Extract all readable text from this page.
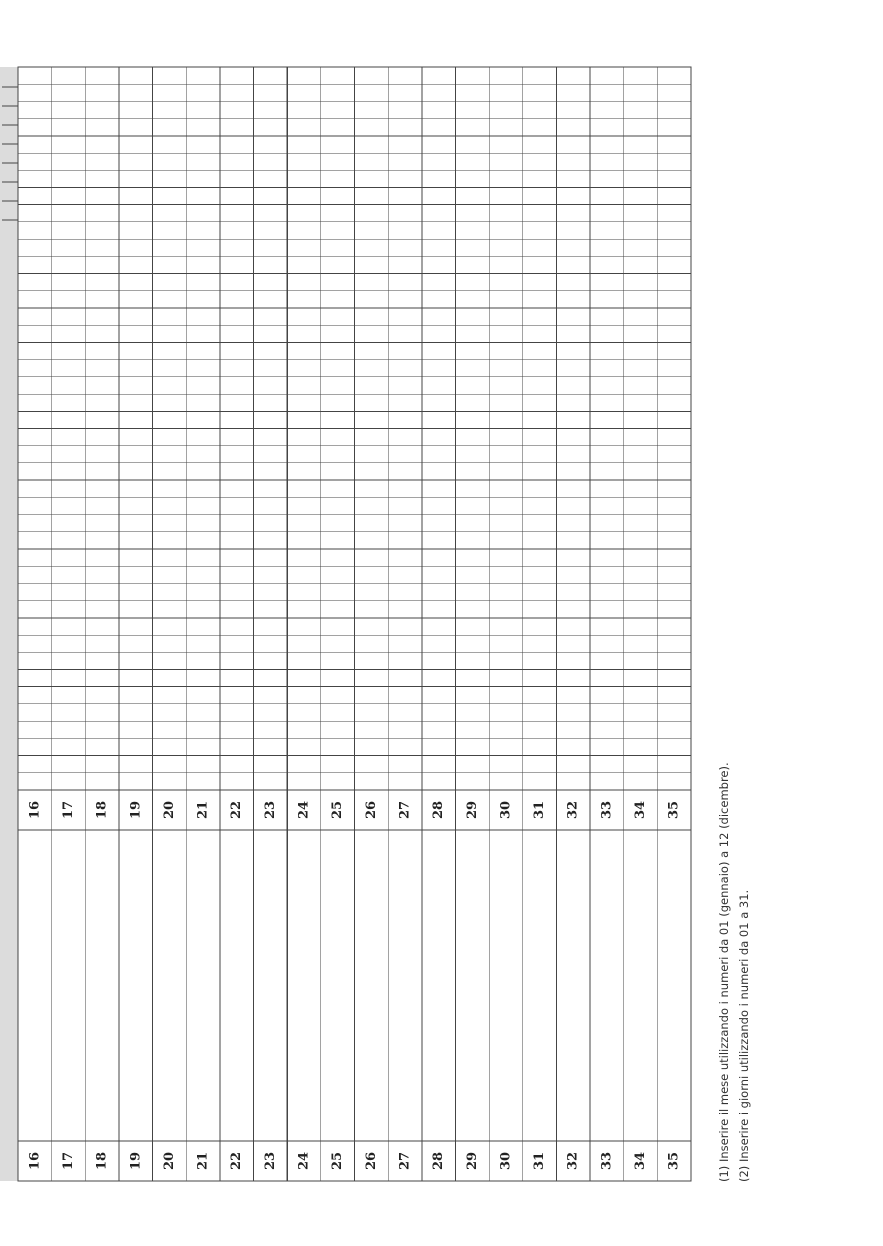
16
16
17
17
18
18
19
19
20
20
21
21
22
22
23
23
24
24
25
25
26
26
27
27
28
28
29
29
30
30
31
31
32
32
33
33
34
34
35
35	(1) Inserire il mese utilizzando i numeri da 01 (gennaio) a 12 (dicembre). (2) Inserire i giorni utilizzando i numeri da 01 a 31.
